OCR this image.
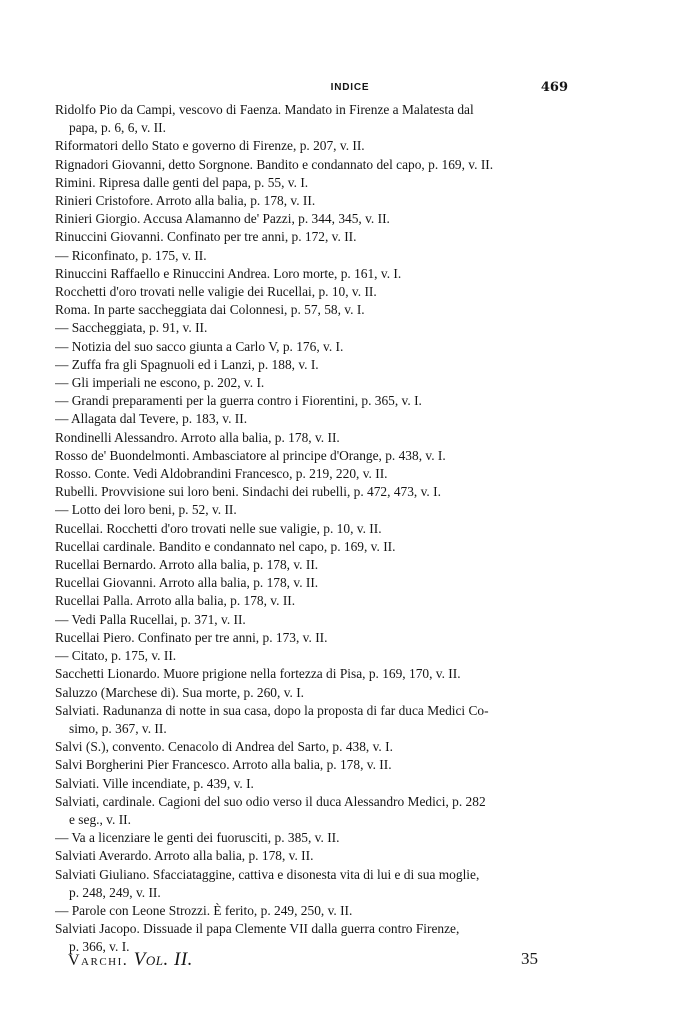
INDICE	469
Ridolfo Pio da Campi, vescovo di Faenza. Mandato in Firenze a Malatesta dal
papa, p. 6, 6, v. II.
Riformatori dello Stato e governo di Firenze, p. 207, v. II.
Rignadori Giovanni, detto Sorgnone. Bandito e condannato del capo, p. 169, v. II.
Rimini. Ripresa dalle genti del papa, p. 55, v. I.
Rinieri Cristofore. Arroto alla balia, p. 178, v. II.
Rinieri Giorgio. Accusa Alamanno de' Pazzi, p. 344, 345, v. II.
Rinuccini Giovanni. Confinato per tre anni, p. 172, v. II.
— Riconfinato, p. 175, v. II.
Rinuccini Raffaello e Rinuccini Andrea. Loro morte, p. 161, v. I.
Rocchetti d'oro trovati nelle valigie dei Rucellai, p. 10, v. II.
Roma. In parte saccheggiata dai Colonnesi, p. 57, 58, v. I.
— Saccheggiata, p. 91, v. II.
— Notizia del suo sacco giunta a Carlo V, p. 176, v. I.
— Zuffa fra gli Spagnuoli ed i Lanzi, p. 188, v. I.
— Gli imperiali ne escono, p. 202, v. I.
— Grandi preparamenti per la guerra contro i Fiorentini, p. 365, v. I.
— Allagata dal Tevere, p. 183, v. II.
Rondinelli Alessandro. Arroto alla balia, p. 178, v. II.
Rosso de' Buondelmonti. Ambasciatore al principe d'Orange, p. 438, v. I.
Rosso. Conte. Vedi Aldobrandini Francesco, p. 219, 220, v. II.
Rubelli. Provvisione sui loro beni. Sindachi dei rubelli, p. 472, 473, v. I.
— Lotto dei loro beni, p. 52, v. II.
Rucellai. Rocchetti d'oro trovati nelle sue valigie, p. 10, v. II.
Rucellai cardinale. Bandito e condannato nel capo, p. 169, v. II.
Rucellai Bernardo. Arroto alla balia, p. 178, v. II.
Rucellai Giovanni. Arroto alla balia, p. 178, v. II.
Rucellai Palla. Arroto alla balia, p. 178, v. II.
— Vedi Palla Rucellai, p. 371, v. II.
Rucellai Piero. Confinato per tre anni, p. 173, v. II.
— Citato, p. 175, v. II.
Sacchetti Lionardo. Muore prigione nella fortezza di Pisa, p. 169, 170, v. II.
Saluzzo (Marchese di). Sua morte, p. 260, v. I.
Salviati. Radunanza di notte in sua casa, dopo la proposta di far duca Medici Co-
simo, p. 367, v. II.
Salvi (S.), convento. Cenacolo di Andrea del Sarto, p. 438, v. I.
Salvi Borgherini Pier Francesco. Arroto alla balia, p. 178, v. II.
Salviati. Ville incendiate, p. 439, v. I.
Salviati, cardinale. Cagioni del suo odio verso il duca Alessandro Medici, p. 282
e seg., v. II.
— Va a licenziare le genti dei fuorusciti, p. 385, v. II.
Salviati Averardo. Arroto alla balia, p. 178, v. II.
Salviati Giuliano. Sfacciataggine, cattiva e disonesta vita di lui e di sua moglie,
p. 248, 249, v. II.
— Parole con Leone Strozzi. È ferito, p. 249, 250, v. II.
Salviati Jacopo. Dissuade il papa Clemente VII dalla guerra contro Firenze,
p. 366, v. I.
Varchi. Vol. II.	35
